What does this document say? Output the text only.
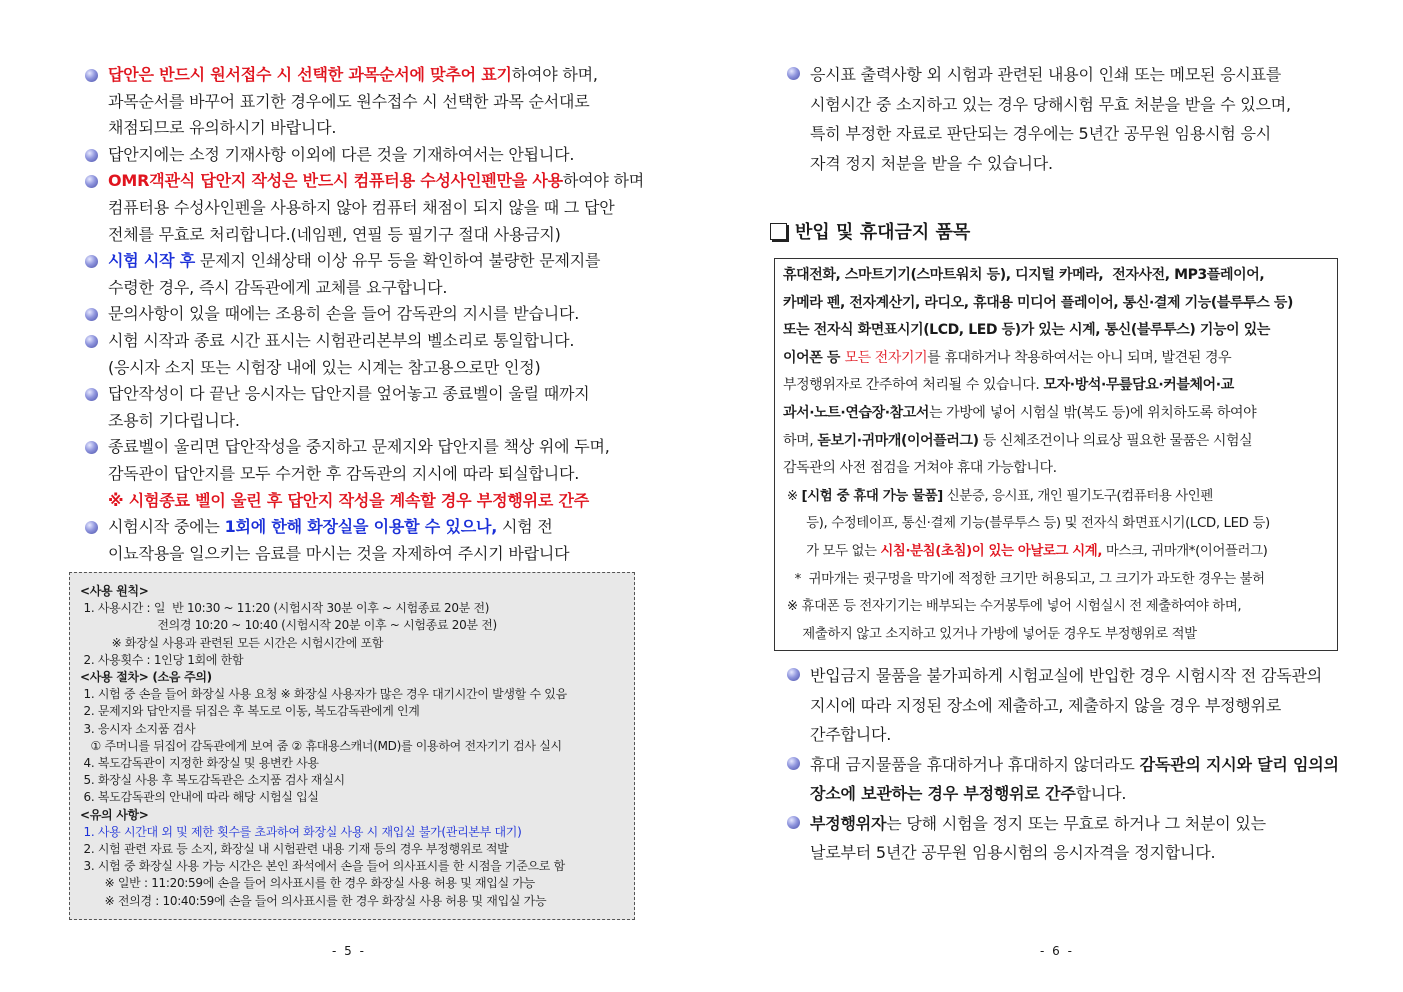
답안은 반드시 원서접수 시 선택한 과목순서에 맞추어 표기하여야 하며,
과목순서를 바꾸어 표기한 경우에도 원수접수 시 선택한 과목 순서대로
채점되므로 유의하시기 바랍니다.
답안지에는 소정 기재사항 이외에 다른 것을 기재하여서는 안됩니다.
OMR객관식 답안지 작성은 반드시 컴퓨터용 수성사인펜만을 사용하여야 하며
컴퓨터용 수성사인펜을 사용하지 않아 컴퓨터 채점이 되지 않을 때 그 답안
전체를 무효로 처리합니다.(네임펜, 연필 등 필기구 절대 사용금지)
시험 시작 후 문제지 인쇄상태 이상 유무 등을 확인하여 불량한 문제지를
수령한 경우, 즉시 감독관에게 교체를 요구합니다.
문의사항이 있을 때에는 조용히 손을 들어 감독관의 지시를 받습니다.
시험 시작과 종료 시간 표시는 시험관리본부의 벨소리로 통일합니다.
(응시자 소지 또는 시험장 내에 있는 시계는 참고용으로만 인정)
답안작성이 다 끝난 응시자는 답안지를 엎어놓고 종료벨이 울릴 때까지
조용히 기다립니다.
종료벨이 울리면 답안작성을 중지하고 문제지와 답안지를 책상 위에 두며,
감독관이 답안지를 모두 수거한 후 감독관의 지시에 따라 퇴실합니다.
※ 시험종료 벨이 울린 후 답안지 작성을 계속할 경우 부정행위로 간주
시험시작 중에는 1회에 한해 화장실을 이용할 수 있으나, 시험 전
이뇨작용을 일으키는 음료를 마시는 것을 자제하여 주시기 바랍니다
<사용 원칙>
1. 사용시간 : 일  반 10:30 ~ 11:20 (시험시작 30분 이후 ~ 시험종료 20분 전)
전의경 10:20 ~ 10:40 (시험시작 20분 이후 ~ 시험종료 20분 전)
※ 화장실 사용과 관련된 모든 시간은 시험시간에 포함
2. 사용횟수 : 1인당 1회에 한함
<사용 절차> (소음 주의)
1. 시험 중 손을 들어 화장실 사용 요청 ※ 화장실 사용자가 많은 경우 대기시간이 발생할 수 있음
2. 문제지와 답안지를 뒤집은 후 복도로 이동, 복도감독관에게 인계
3. 응시자 소지품 검사
① 주머니를 뒤집어 감독관에게 보여 줌 ② 휴대용스캐너(MD)를 이용하여 전자기기 검사 실시
4. 복도감독관이 지정한 화장실 및 용변칸 사용
5. 화장실 사용 후 복도감독관은 소지품 검사 재실시
6. 복도감독관의 안내에 따라 해당 시험실 입실
<유의 사항>
1. 사용 시간대 외 및 제한 횟수를 초과하여 화장실 사용 시 재입실 불가(관리본부 대기)
2. 시험 관련 자료 등 소지, 화장실 내 시험관련 내용 기재 등의 경우 부정행위로 적발
3. 시험 중 화장실 사용 가능 시간은 본인 좌석에서 손을 들어 의사표시를 한 시점을 기준으로 함
※ 일반 : 11:20:59에 손을 들어 의사표시를 한 경우 화장실 사용 허용 및 재입실 가능
※ 전의경 : 10:40:59에 손을 들어 의사표시를 한 경우 화장실 사용 허용 및 재입실 가능
- 5 -
응시표 출력사항 외 시험과 관련된 내용이 인쇄 또는 메모된 응시표를
시험시간 중 소지하고 있는 경우 당해시험 무효 처분을 받을 수 있으며,
특히 부정한 자료로 판단되는 경우에는 5년간 공무원 임용시험 응시
자격 정지 처분을 받을 수 있습니다.
반입 및 휴대금지 품목
휴대전화, 스마트기기(스마트워치 등), 디지털 카메라,  전자사전, MP3플레이어,
카메라 펜, 전자계산기, 라디오, 휴대용 미디어 플레이어, 통신·결제 기능(블루투스 등)
또는 전자식 화면표시기(LCD, LED 등)가 있는 시계, 통신(블루투스) 기능이 있는
이어폰 등 모든 전자기기를 휴대하거나 착용하여서는 아니 되며, 발견된 경우
부정행위자로 간주하여 처리될 수 있습니다. 모자·방석·무릎담요·커블체어·교
과서·노트·연습장·참고서는 가방에 넣어 시험실 밖(복도 등)에 위치하도록 하여야
하며, 돋보기·귀마개(이어플러그) 등 신체조건이나 의료상 필요한 물품은 시험실
감독관의 사전 점검을 거쳐야 휴대 가능합니다.
※ [시험 중 휴대 가능 물품] 신분증, 응시표, 개인 필기도구(컴퓨터용 사인펜
등), 수정테이프, 통신·결제 기능(블루투스 등) 및 전자식 화면표시기(LCD, LED 등)
가 모두 없는 시침·분침(초침)이 있는 아날로그 시계, 마스크, 귀마개*(이어플러그)
*  귀마개는 귓구멍을 막기에 적정한 크기만 허용되고, 그 크기가 과도한 경우는 불허
※ 휴대폰 등 전자기기는 배부되는 수거봉투에 넣어 시험실시 전 제출하여야 하며,
제출하지 않고 소지하고 있거나 가방에 넣어둔 경우도 부정행위로 적발
반입금지 물품을 불가피하게 시험교실에 반입한 경우 시험시작 전 감독관의
지시에 따라 지정된 장소에 제출하고, 제출하지 않을 경우 부정행위로
간주합니다.
휴대 금지물품을 휴대하거나 휴대하지 않더라도 감독관의 지시와 달리 임의의
장소에 보관하는 경우 부정행위로 간주합니다.
부정행위자는 당해 시험을 정지 또는 무효로 하거나 그 처분이 있는
날로부터 5년간 공무원 임용시험의 응시자격을 정지합니다.
- 6 -
